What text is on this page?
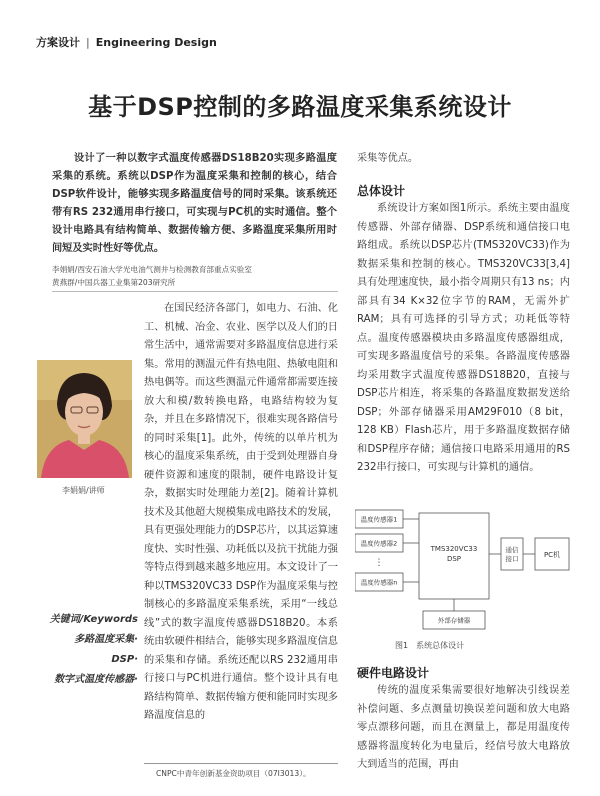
方案设计 | Engineering Design
基于DSP控制的多路温度采集系统设计
设计了一种以数字式温度传感器DS18B20实现多路温度采集的系统。系统以DSP作为温度采集和控制的核心，结合DSP软件设计，能够实现多路温度信号的同时采集。该系统还带有RS 232通用串行接口，可实现与PC机的实时通信。整个设计电路具有结构简单、数据传输方便、多路温度采集所用时间短及实时性好等优点。
李娟娟/西安石油大学光电油气测井与检测教育部重点实验室
黄燕群/中国兵器工业集第203研究所
李娟娟/讲师
关键词/Keywords
多路温度采集·
DSP·
数字式温度传感器·
在国民经济各部门，如电力、石油、化工、机械、冶金、农业、医学以及人们的日常生活中，通常需要对多路温度信息进行采集。常用的测温元件有热电阻、热敏电阻和热电偶等。而这些测温元件通常都需要连接放大和模/数转换电路，电路结构较为复杂，并且在多路情况下，很难实现各路信号的同时采集[1]。此外，传统的以单片机为核心的温度采集系统，由于受到处理器自身硬件资源和速度的限制，硬件电路设计复杂，数据实时处理能力差[2]。随着计算机技术及其他超大规模集成电路技术的发展，具有更强处理能力的DSP芯片，以其运算速度快、实时性强、功耗低以及抗干扰能力强等特点得到越来越多地应用。本文设计了一种以TMS320VC33 DSP作为温度采集与控制核心的多路温度采集系统，采用“一线总线”式的数字温度传感器DS18B20。本系统由软硬件相结合，能够实现多路温度信息的采集和存储。系统还配以RS 232通用串行接口与PC机进行通信。整个设计具有电路结构简单、数据传输方便和能同时实现多路温度信息的
采集等优点。
总体设计
系统设计方案如图1所示。系统主要由温度传感器、外部存储器、DSP系统和通信接口电路组成。系统以DSP芯片(TMS320VC33)作为数据采集和控制的核心。TMS320VC33[3,4]具有处理速度快，最小指令周期只有13 ns；内部具有34 K×32位字节的RAM，无需外扩RAM；具有可选择的引导方式；功耗低等特点。温度传感器模块由多路温度传感器组成，可实现多路温度信号的采集。各路温度传感器均采用数字式温度传感器DS18B20，直接与DSP芯片相连，将采集的各路温度数据发送给DSP；外部存储器采用AM29F010（8 bit，128 KB）Flash芯片，用于多路温度数据存储和DSP程序存储；通信接口电路采用通用的RS 232串行接口，可实现与计算机的通信。
温度传感器1
温度传感器2
⋮
温度传感器n
TMS320VC33
DSP
通信
接口	PC机
外部存储器
图1　系统总体设计
硬件电路设计
传统的温度采集需要很好地解决引线误差补偿问题、多点测量切换误差问题和放大电路零点漂移问题，而且在测量上，都是用温度传感器将温度转化为电量后，经信号放大电路放大到适当的范围，再由
CNPC中青年创新基金资助项目（07I3013）。
